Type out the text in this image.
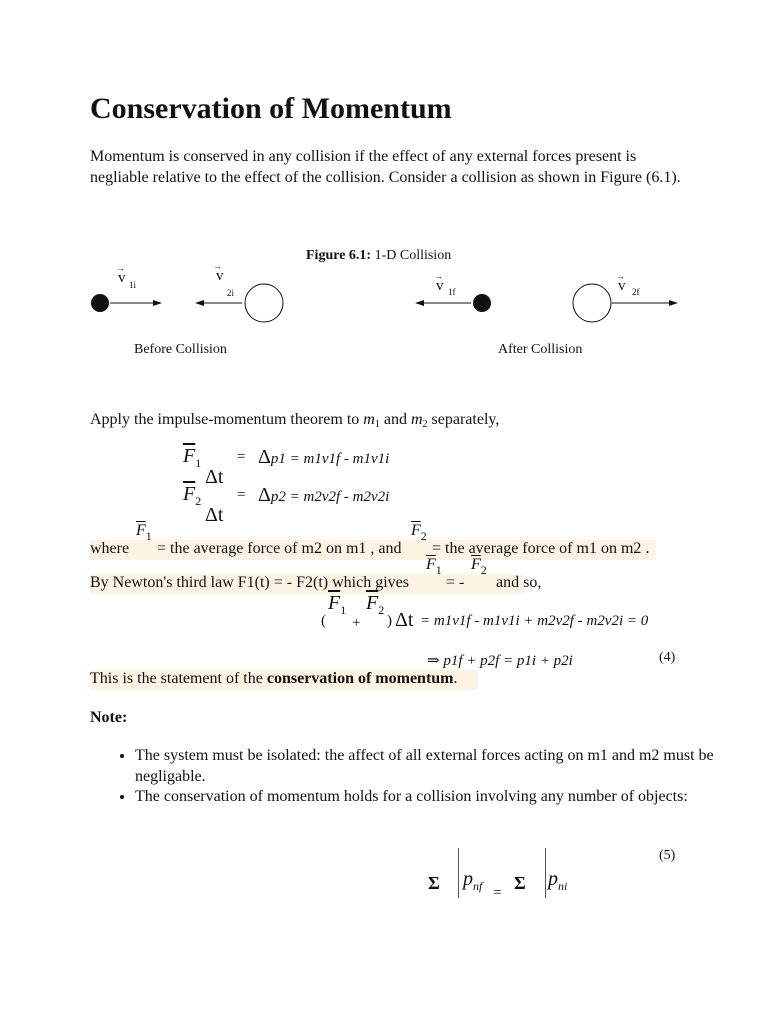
Conservation of Momentum
Momentum is conserved in any collision if the effect of any external forces present is negliable relative to the effect of the collision. Consider a collision as shown in Figure (6.1).
Figure 6.1: 1-D Collision
v
→
1i
v
→
2i
Before Collision
v
→
1f	v
→
2f
After Collision
Apply the impulse-momentum theorem to $m_1$ and $m_2$ separately,
$\overline{F}_1$
Δt
= Δp1 = m1v1f - m1v1i
$\overline{F}_2$
Δt
= Δp2 = m2v2f - m2v2i
where
$\overline{F}_1$
= the average force of m2 on m1 , and
$\overline{F}_2$
= the average force of m1 on m2 .
By Newton's third law F1(t) = - F2(t) which gives
$\overline{F}_1$
= -
$\overline{F}_2$
and so,
$\overline{F}_1$ $\overline{F}_2$
( + ) Δt = m1v1f - m1v1i + m2v2f - m2v2i = 0
⇒ p1f + p2f = p1i + p2i	(4)
This is the statement of the conservation of momentum.
Note:
• The system must be isolated: the affect of all external forces acting on m1 and m2 must be negligable.
• The conservation of momentum holds for a collision involving any number of objects:
(5)
Σ $p_{nf} = \Sigma$ $p_{ni}$
